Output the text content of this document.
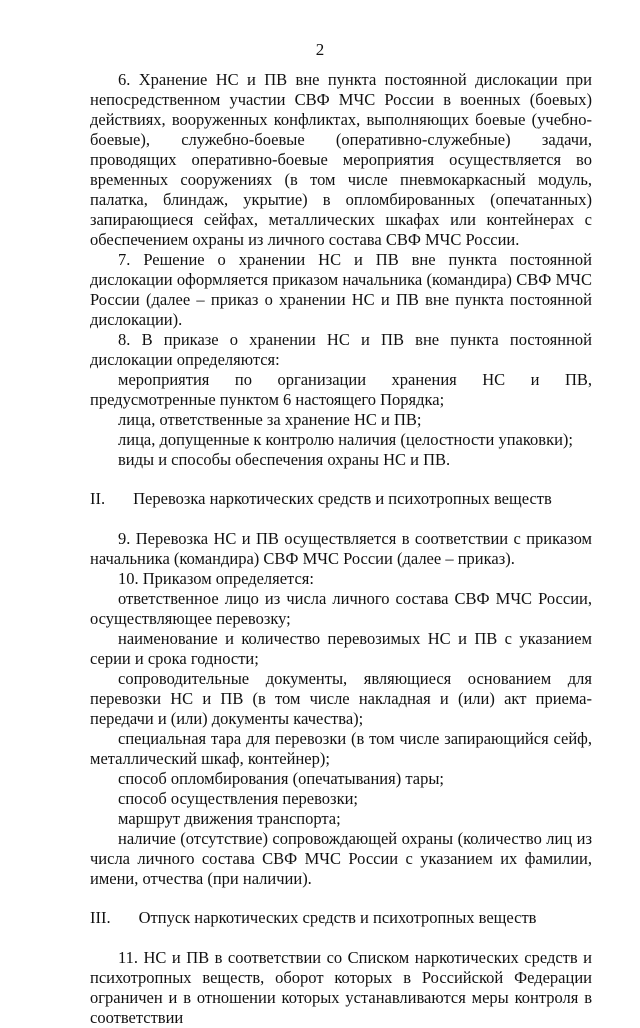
2

6. Хранение НС и ПВ вне пункта постоянной дислокации при непосредственном участии СВФ МЧС России в военных (боевых) действиях, вооруженных конфликтах, выполняющих боевые (учебно-боевые), служебно-боевые (оперативно-служебные) задачи, проводящих оперативно-боевые мероприятия осуществляется во временных сооружениях (в том числе пневмокаркасный модуль, палатка, блиндаж, укрытие) в опломбированных (опечатанных) запирающиеся сейфах, металлических шкафах или контейнерах с обеспечением охраны из личного состава СВФ МЧС России.

7. Решение о хранении НС и ПВ вне пункта постоянной дислокации оформляется приказом начальника (командира) СВФ МЧС России (далее – приказ о хранении НС и ПВ вне пункта постоянной дислокации).

8. В приказе о хранении НС и ПВ вне пункта постоянной дислокации определяются:

мероприятия по организации хранения НС и ПВ, предусмотренные пунктом 6 настоящего Порядка;

лица, ответственные за хранение НС и ПВ;

лица, допущенные к контролю наличия (целостности упаковки);

виды и способы обеспечения охраны НС и ПВ.

II. Перевозка наркотических средств и психотропных веществ

9. Перевозка НС и ПВ осуществляется в соответствии с приказом начальника (командира) СВФ МЧС России (далее – приказ).

10. Приказом определяется:

ответственное лицо из числа личного состава СВФ МЧС России, осуществляющее перевозку;

наименование и количество перевозимых НС и ПВ с указанием серии и срока годности;

сопроводительные документы, являющиеся основанием для перевозки НС и ПВ (в том числе накладная и (или) акт приема-передачи и (или) документы качества);

специальная тара для перевозки (в том числе запирающийся сейф, металлический шкаф, контейнер);

способ опломбирования (опечатывания) тары;

способ осуществления перевозки;

маршрут движения транспорта;

наличие (отсутствие) сопровождающей охраны (количество лиц из числа личного состава СВФ МЧС России с указанием их фамилии, имени, отчества (при наличии).

III. Отпуск наркотических средств и психотропных веществ

11. НС и ПВ в соответствии со Списком наркотических средств и психотропных веществ, оборот которых в Российской Федерации ограничен и в отношении которых устанавливаются меры контроля в соответствии
